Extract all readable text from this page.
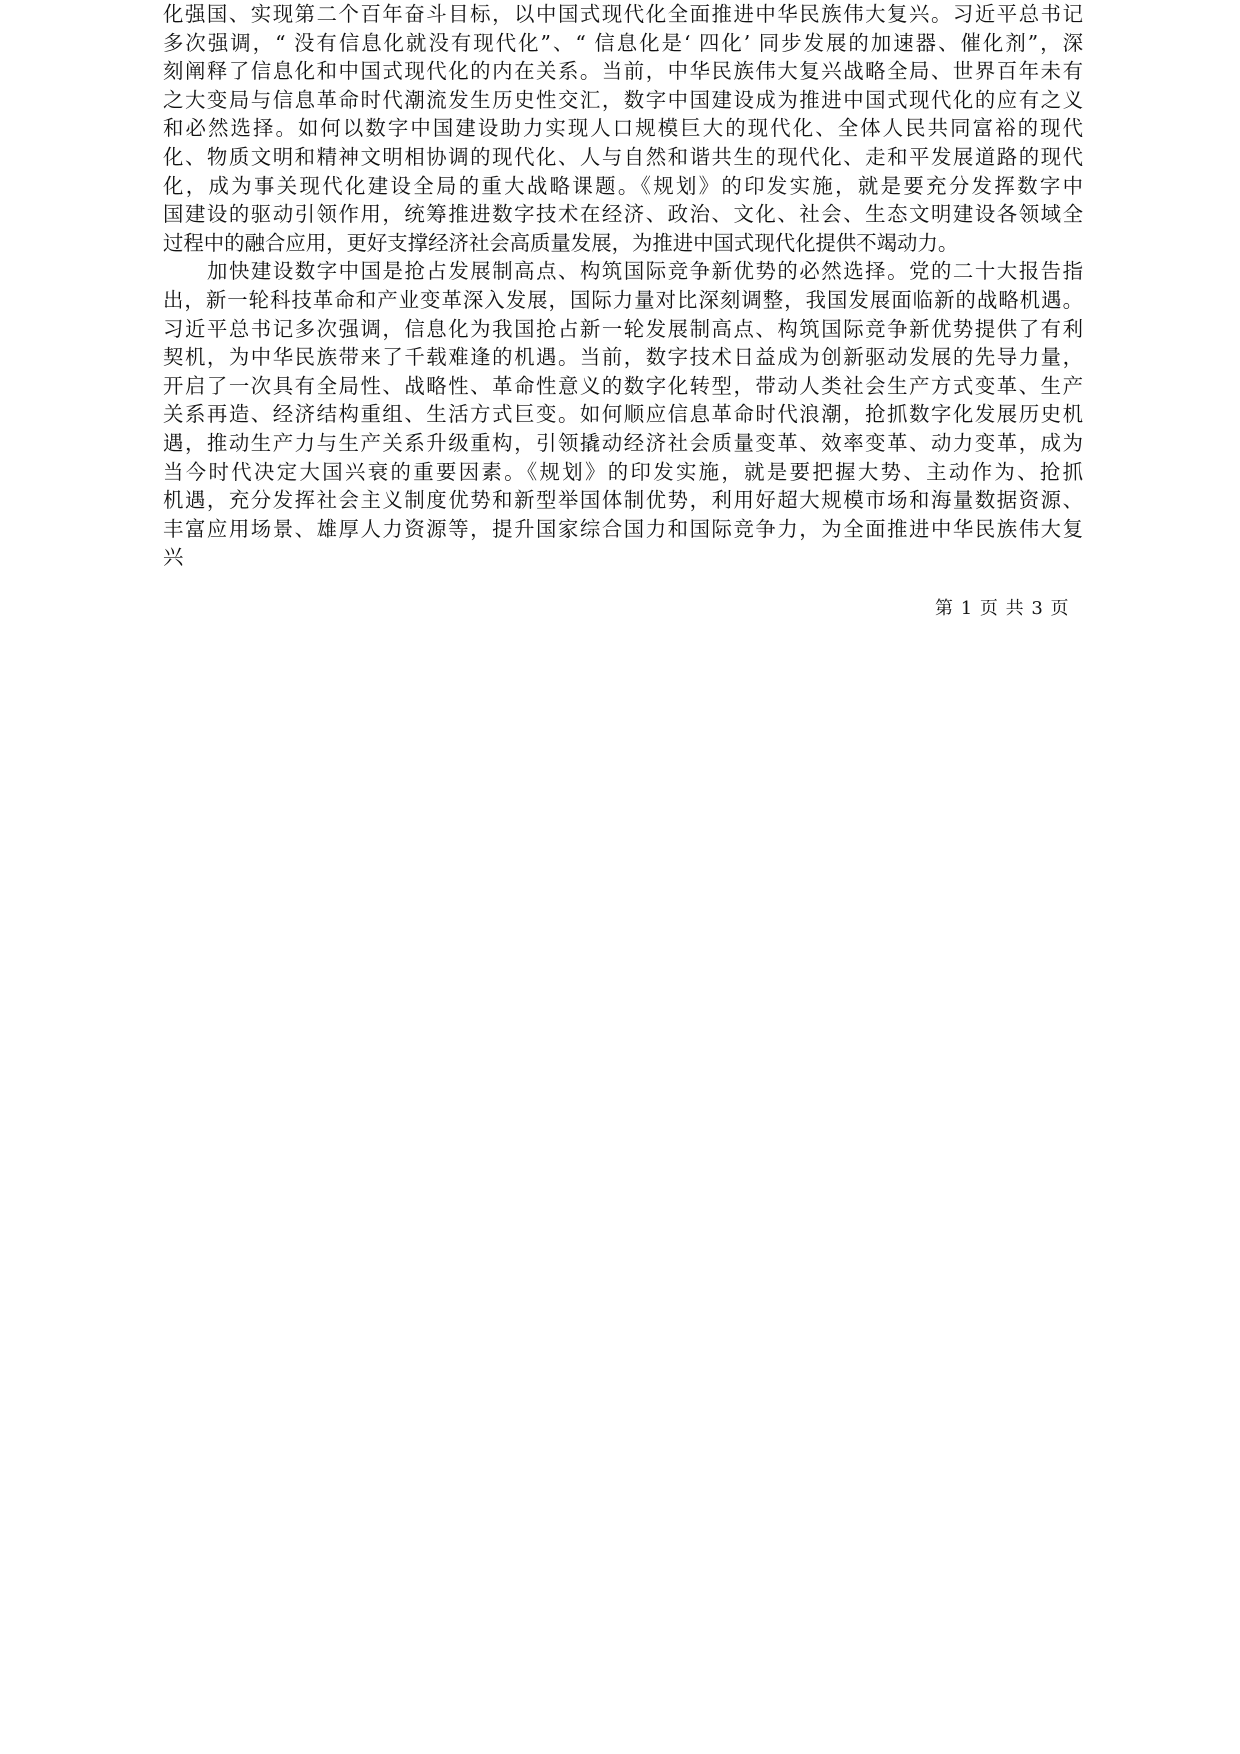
化强国、实现第二个百年奋斗目标，以中国式现代化全面推进中华民族伟大复兴。习近平总书记
多次强调，“ 没有信息化就没有现代化”、“ 信息化是‘ 四化’ 同步发展的加速器、催化剂”，深
刻阐释了信息化和中国式现代化的内在关系。当前，中华民族伟大复兴战略全局、世界百年未有
之大变局与信息革命时代潮流发生历史性交汇，数字中国建设成为推进中国式现代化的应有之义
和必然选择。如何以数字中国建设助力实现人口规模巨大的现代化、全体人民共同富裕的现代
化、物质文明和精神文明相协调的现代化、人与自然和谐共生的现代化、走和平发展道路的现代
化，成为事关现代化建设全局的重大战略课题。《规划》的印发实施，就是要充分发挥数字中
国建设的驱动引领作用，统筹推进数字技术在经济、政治、文化、社会、生态文明建设各领域全
过程中的融合应用，更好支撑经济社会高质量发展，为推进中国式现代化提供不竭动力。
加快建设数字中国是抢占发展制高点、构筑国际竞争新优势的必然选择。党的二十大报告指
出，新一轮科技革命和产业变革深入发展，国际力量对比深刻调整，我国发展面临新的战略机遇。
习近平总书记多次强调，信息化为我国抢占新一轮发展制高点、构筑国际竞争新优势提供了有利
契机，为中华民族带来了千载难逢的机遇。当前，数字技术日益成为创新驱动发展的先导力量，
开启了一次具有全局性、战略性、革命性意义的数字化转型，带动人类社会生产方式变革、生产
关系再造、经济结构重组、生活方式巨变。如何顺应信息革命时代浪潮，抢抓数字化发展历史机
遇，推动生产力与生产关系升级重构，引领撬动经济社会质量变革、效率变革、动力变革，成为
当今时代决定大国兴衰的重要因素。《规划》的印发实施，就是要把握大势、主动作为、抢抓
机遇，充分发挥社会主义制度优势和新型举国体制优势，利用好超大规模市场和海量数据资源、
丰富应用场景、雄厚人力资源等，提升国家综合国力和国际竞争力，为全面推进中华民族伟大复
兴
第 1 页 共 3 页
